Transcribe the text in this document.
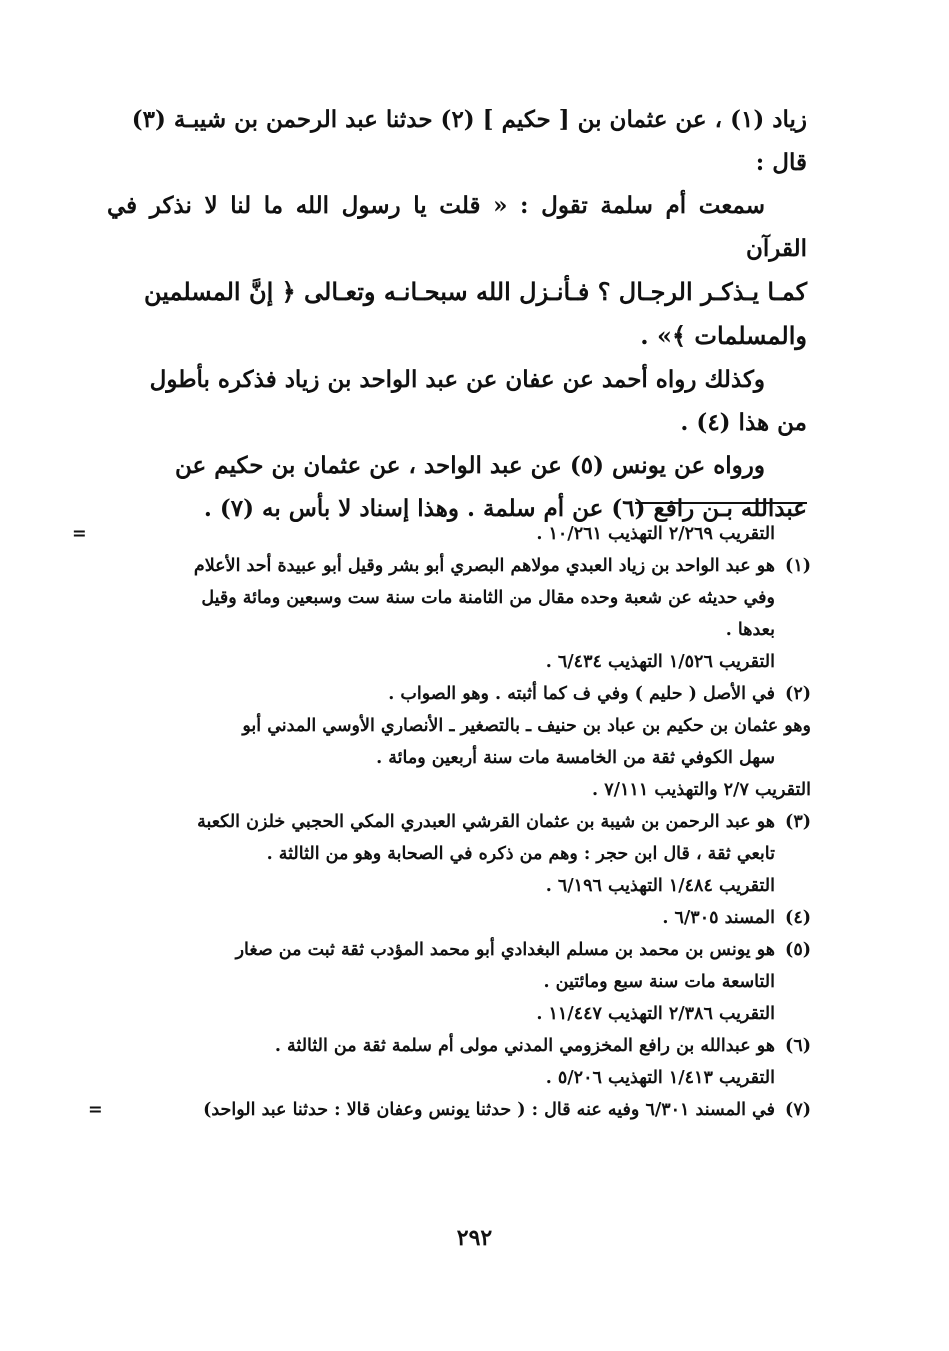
زياد (١) ، عن عثمان بن [ حكيم ] (٢) حدثنا عبد الرحمن بن شيبـة (٣)
قال :

سمعت أم سلمة تقول : « قلت يا رسول الله ما لنا لا نذكر في القرآن
كمـا يـذكـر الرجـال ؟ فـأنـزل الله سبحـانـه وتعـالى ﴿ إنَّ المسلمين
والمسلمات ﴾» .

وكذلك رواه أحمد عن عفان عن عبد الواحد بن زياد فذكره بأطول
من هذا (٤) .

ورواه عن يونس (٥) عن عبد الواحد ، عن عثمان بن حكيم عن
عبدالله بـن رافع (٦) عن أم سلمة . وهذا إسناد لا بأس به (٧) .

=	التقريب ٢/٢٦٩ التهذيب ١٠/٢٦١ .
(١)هو عبد الواحد بن زياد العبدي مولاهم البصري أبو بشر وقيل أبو عبيدة أحد الأعلام
وفي حديثه عن شعبة وحده مقال من الثامنة مات سنة ست وسبعين ومائة وقيل
بعدها .
التقريب ١/٥٢٦ التهذيب ٦/٤٣٤ .
(٢)في الأصل ( حليم ) وفي ف كما أثبته . وهو الصواب .
وهو عثمان بن حكيم بن عباد بن حنيف ـ بالتصغير ـ الأنصاري الأوسي المدني أبو
سهل الكوفي ثقة من الخامسة مات سنة أربعين ومائة .
التقريب ٢/٧ والتهذيب ٧/١١١ .
(٣)هو عبد الرحمن بن شيبة بن عثمان القرشي العبدري المكي الحجبي خلزن الكعبة
تابعي ثقة ، قال ابن حجر : وهم من ذكره في الصحابة وهو من الثالثة .
التقريب ١/٤٨٤ التهذيب ٦/١٩٦ .
(٤)المسند ٦/٣٠٥ .
(٥)هو يونس بن محمد بن مسلم البغدادي أبو محمد المؤدب ثقة ثبت من صغار
التاسعة مات سنة سبع ومائتين .
التقريب ٢/٣٨٦ التهذيب ١١/٤٤٧ .
(٦)هو عبدالله بن رافع المخزومي المدني مولى أم سلمة ثقة من الثالثة .
التقريب ١/٤١٣ التهذيب ٥/٢٠٦ .
(٧)في المسند ٦/٣٠١ وفيه عنه قال : ( حدثنا يونس وعفان قالا : حدثنا عبد الواحد)
=
٢٩٢
